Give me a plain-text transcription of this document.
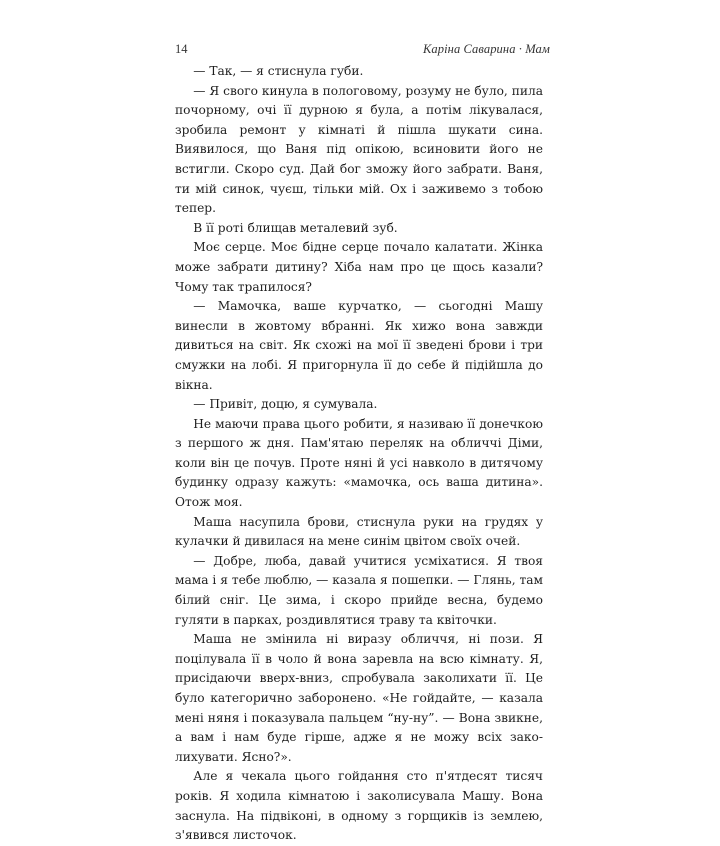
14	Каріна Саварина · Мам

— Так, — я стиснула губи.

— Я свого кинула в пологовому, розуму не було, пила почорному, очі її дурною я була, а потім лікувалася, зробила ремонт у кімнаті й пішла шукати сина. Виявилося, що Ваня під опікою, всиновити його не встигли. Скоро суд. Дай бог зможу його забрати. Ваня, ти мій синок, чуєш, тільки мій. Ох і заживемо з тобою тепер.

В її роті блищав металевий зуб.

Моє серце. Моє бідне серце почало калатати. Жінка може забрати дитину? Хіба нам про це щось казали? Чому так трапилося?

— Мамочка, ваше курчатко, — сьогодні Машу винесли в жовтому вбранні. Як хижо вона завжди дивиться на світ. Як схожі на мої її зведені брови і три смужки на лобі. Я пригорнула її до себе й підійшла до вікна.

— Привіт, доцю, я сумувала.

Не маючи права цього робити, я називаю її донечкою з першого ж дня. Пам'ятаю переляк на обличчі Діми, коли він це почув. Проте няні й усі навколо в дитячому будинку одразу кажуть: «мамочка, ось ваша дитина». Отож моя.

Маша насупила брови, стиснула руки на грудях у кулачки й дивилася на мене синім цвітом своїх очей.

— Добре, люба, давай учитися усміхатися. Я твоя мама і я тебе люблю, — казала я пошепки. — Глянь, там білий сніг. Це зима, і скоро прийде весна, будемо гуляти в парках, роздивлятися траву та квіточки.

Маша не змінила ні виразу обличчя, ні пози. Я поцілувала її в чоло й вона заревла на всю кімнату. Я, присідаючи вверх-вниз, спробувала заколихати її. Це було категорично заборонено. «Не гойдайте, — казала мені няня і показувала пальцем “ну-ну”. — Вона звикне, а вам і нам буде гірше, адже я не можу всіх заколихувати. Ясно?».

Але я чекала цього гойдання сто п'ятдесят тисяч років. Я ходила кімнатою і заколисувала Машу. Вона заснула. На підвіконі, в одному з горщиків із землею, з'явився листочок.
